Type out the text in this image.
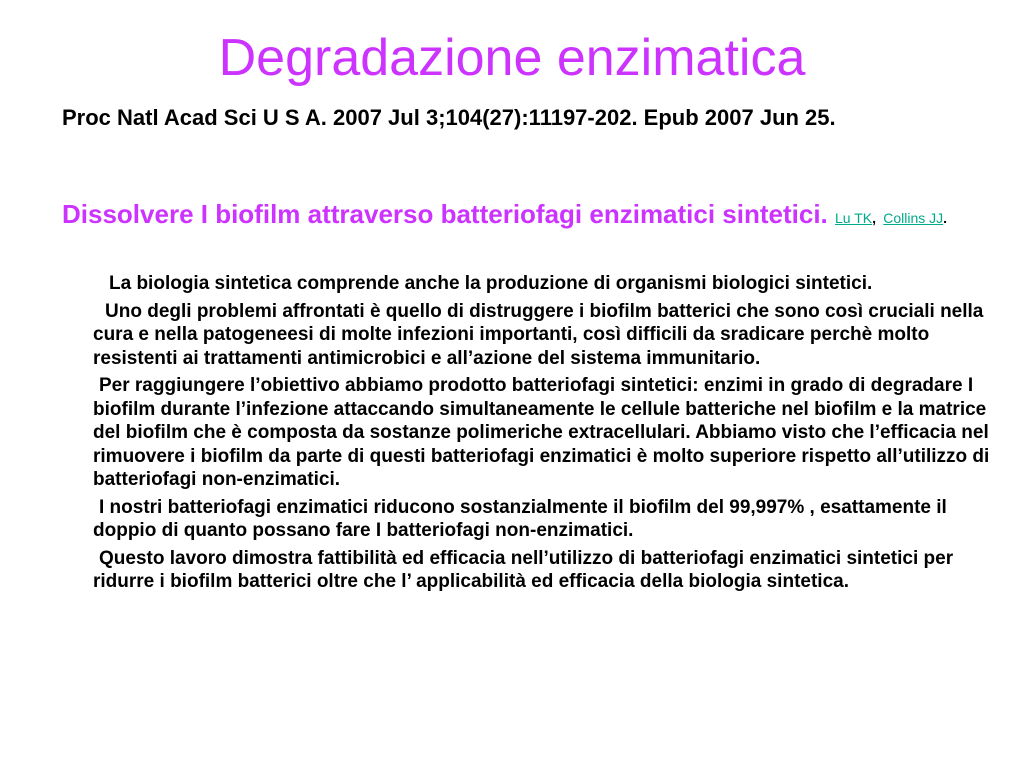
Degradazione enzimatica

Proc Natl Acad Sci U S A. 2007 Jul 3;104(27):11197-202. Epub 2007 Jun 25.

Dissolvere I biofilm attraverso batteriofagi enzimatici sintetici. Lu TK, Collins JJ.

La biologia sintetica comprende anche la produzione di organismi biologici sintetici.

Uno degli problemi affrontati è quello di distruggere i biofilm batterici che sono così cruciali nella cura e nella patogeneesi di molte infezioni importanti, così difficili da sradicare perchè molto resistenti ai trattamenti antimicrobici e all’azione del sistema immunitario.

Per raggiungere l’obiettivo abbiamo prodotto batteriofagi sintetici: enzimi in grado di degradare I biofilm durante l’infezione attaccando simultaneamente le cellule batteriche nel biofilm e la matrice del biofilm che è composta da sostanze polimeriche extracellulari. Abbiamo visto che l’efficacia nel rimuovere i biofilm da parte di questi batteriofagi enzimatici è molto superiore rispetto all’utilizzo di batteriofagi non-enzimatici.

I nostri batteriofagi enzimatici riducono sostanzialmente il biofilm del 99,997% , esattamente il doppio di quanto possano fare I batteriofagi non-enzimatici.

Questo lavoro dimostra fattibilità ed efficacia nell’utilizzo di batteriofagi enzimatici sintetici per ridurre i biofilm batterici oltre che l’ applicabilità ed efficacia della biologia sintetica.
